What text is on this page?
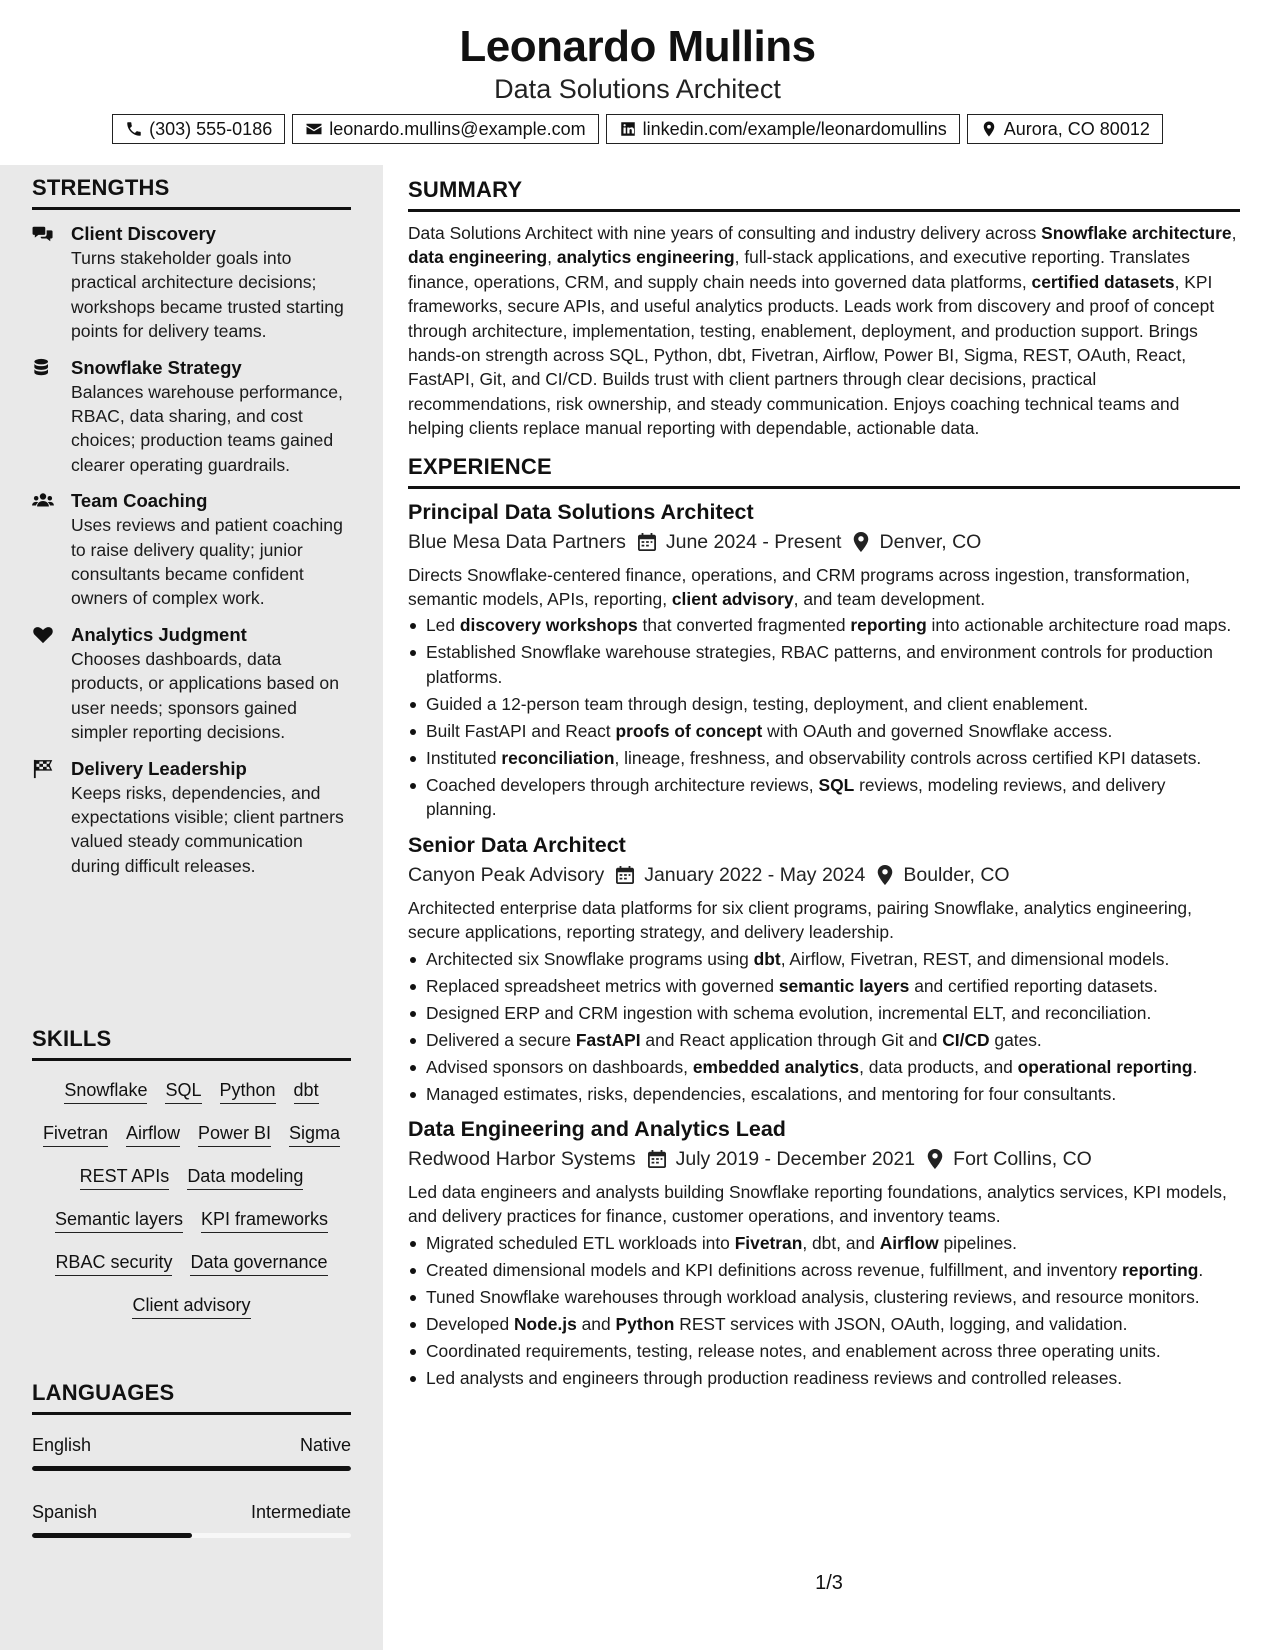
Leonardo Mullins
Data Solutions Architect
(303) 555-0186	leonardo.mullins@example.com	linkedin.com/example/leonardomullins	Aurora, CO 80012
STRENGTHS
Client Discovery
Turns stakeholder goals into practical architecture decisions; workshops became trusted starting points for delivery teams.
Snowflake Strategy
Balances warehouse performance, RBAC, data sharing, and cost choices; production teams gained clearer operating guardrails.
Team Coaching
Uses reviews and patient coaching to raise delivery quality; junior consultants became confident owners of complex work.
Analytics Judgment
Chooses dashboards, data products, or applications based on user needs; sponsors gained simpler reporting decisions.
Delivery Leadership
Keeps risks, dependencies, and expectations visible; client partners valued steady communication during difficult releases.
SKILLS
Snowflake SQL Python dbt
Fivetran Airflow Power BI Sigma
REST APIs Data modeling
Semantic layers KPI frameworks
RBAC security Data governance
Client advisory
LANGUAGES
English	Native
Spanish	Intermediate
SUMMARY
Data Solutions Architect with nine years of consulting and industry delivery across Snowflake architecture, data engineering, analytics engineering, full-stack applications, and executive reporting. Translates finance, operations, CRM, and supply chain needs into governed data platforms, certified datasets, KPI frameworks, secure APIs, and useful analytics products. Leads work from discovery and proof of concept through architecture, implementation, testing, enablement, deployment, and production support. Brings hands-on strength across SQL, Python, dbt, Fivetran, Airflow, Power BI, Sigma, REST, OAuth, React, FastAPI, Git, and CI/CD. Builds trust with client partners through clear decisions, practical recommendations, risk ownership, and steady communication. Enjoys coaching technical teams and helping clients replace manual reporting with dependable, actionable data.
EXPERIENCE
Principal Data Solutions Architect
Blue Mesa Data Partners June 2024 - Present Denver, CO
Directs Snowflake-centered finance, operations, and CRM programs across ingestion, transformation, semantic models, APIs, reporting, client advisory, and team development.
Led discovery workshops that converted fragmented reporting into actionable architecture road maps.
Established Snowflake warehouse strategies, RBAC patterns, and environment controls for production platforms.
Guided a 12-person team through design, testing, deployment, and client enablement.
Built FastAPI and React proofs of concept with OAuth and governed Snowflake access.
Instituted reconciliation, lineage, freshness, and observability controls across certified KPI datasets.
Coached developers through architecture reviews, SQL reviews, modeling reviews, and delivery planning.
Senior Data Architect
Canyon Peak Advisory January 2022 - May 2024 Boulder, CO
Architected enterprise data platforms for six client programs, pairing Snowflake, analytics engineering, secure applications, reporting strategy, and delivery leadership.
Architected six Snowflake programs using dbt, Airflow, Fivetran, REST, and dimensional models.
Replaced spreadsheet metrics with governed semantic layers and certified reporting datasets.
Designed ERP and CRM ingestion with schema evolution, incremental ELT, and reconciliation.
Delivered a secure FastAPI and React application through Git and CI/CD gates.
Advised sponsors on dashboards, embedded analytics, data products, and operational reporting.
Managed estimates, risks, dependencies, escalations, and mentoring for four consultants.
Data Engineering and Analytics Lead
Redwood Harbor Systems July 2019 - December 2021 Fort Collins, CO
Led data engineers and analysts building Snowflake reporting foundations, analytics services, KPI models, and delivery practices for finance, customer operations, and inventory teams.
Migrated scheduled ETL workloads into Fivetran, dbt, and Airflow pipelines.
Created dimensional models and KPI definitions across revenue, fulfillment, and inventory reporting.
Tuned Snowflake warehouses through workload analysis, clustering reviews, and resource monitors.
Developed Node.js and Python REST services with JSON, OAuth, logging, and validation.
Coordinated requirements, testing, release notes, and enablement across three operating units.
Led analysts and engineers through production readiness reviews and controlled releases.
1/3
